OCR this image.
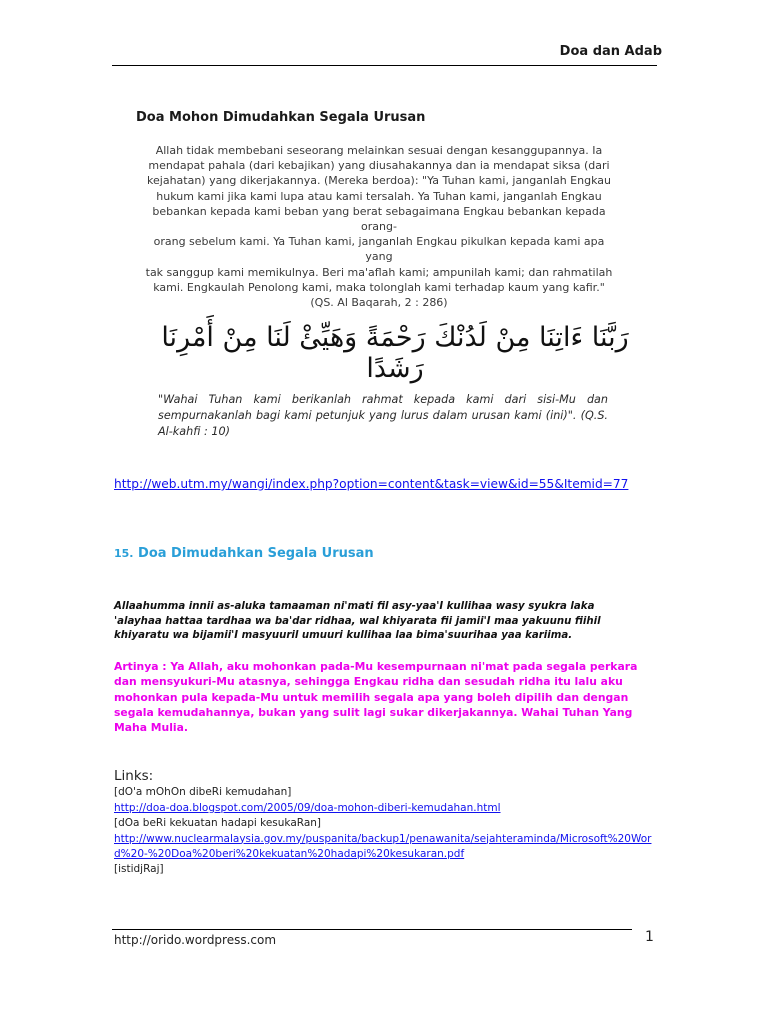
Doa dan Adab
Doa Mohon Dimudahkan Segala Urusan
Allah tidak membebani seseorang melainkan sesuai dengan kesanggupannya. Ia
mendapat pahala (dari kebajikan) yang diusahakannya dan ia mendapat siksa (dari
kejahatan) yang dikerjakannya. (Mereka berdoa): "Ya Tuhan kami, janganlah Engkau
hukum kami jika kami lupa atau kami tersalah. Ya Tuhan kami, janganlah Engkau
bebankan kepada kami beban yang berat sebagaimana Engkau bebankan kepada orang-
orang sebelum kami. Ya Tuhan kami, janganlah Engkau pikulkan kepada kami apa yang
tak sanggup kami memikulnya. Beri ma'aflah kami; ampunilah kami; dan rahmatilah
kami. Engkaulah Penolong kami, maka tolonglah kami terhadap kaum yang kafir."
(QS. Al Baqarah, 2 : 286)
رَبَّنَا ءَاتِنَا مِنْ لَدُنْكَ رَحْمَةً وَهَيِّئْ لَنَا مِنْ أَمْرِنَا رَشَدًا
"Wahai Tuhan kami berikanlah rahmat kepada kami dari sisi-Mu dan sempurnakanlah bagi kami petunjuk yang lurus dalam urusan kami (ini)". (Q.S. Al-kahfi : 10)
http://web.utm.my/wangi/index.php?option=content&task=view&id=55&Itemid=77
15. Doa Dimudahkan Segala Urusan
Allaahumma innii as-aluka tamaaman ni'mati fil asy-yaa'I kullihaa wasy syukra laka 'alayhaa hattaa tardhaa wa ba'dar ridhaa, wal khiyarata fii jamii'I maa yakuunu fiihil khiyaratu wa bijamii'I masyuuril umuuri kullihaa laa bima'suurihaa yaa kariima.
Artinya : Ya Allah, aku mohonkan pada-Mu kesempurnaan ni'mat pada segala perkara dan mensyukuri-Mu atasnya, sehingga Engkau ridha dan sesudah ridha itu lalu aku mohonkan pula kepada-Mu untuk memilih segala apa yang boleh dipilih dan dengan segala kemudahannya, bukan yang sulit lagi sukar dikerjakannya. Wahai Tuhan Yang Maha Mulia.
Links:
[dO'a mOhOn dibeRi kemudahan]
http://doa-doa.blogspot.com/2005/09/doa-mohon-diberi-kemudahan.html
[dOa beRi kekuatan hadapi kesukaRan]
http://www.nuclearmalaysia.gov.my/puspanita/backup1/penawanita/sejahteraminda/Microsoft%20Word%20-%20Doa%20beri%20kekuatan%20hadapi%20kesukaran.pdf
[istidjRaj]
http://orido.wordpress.com	1
